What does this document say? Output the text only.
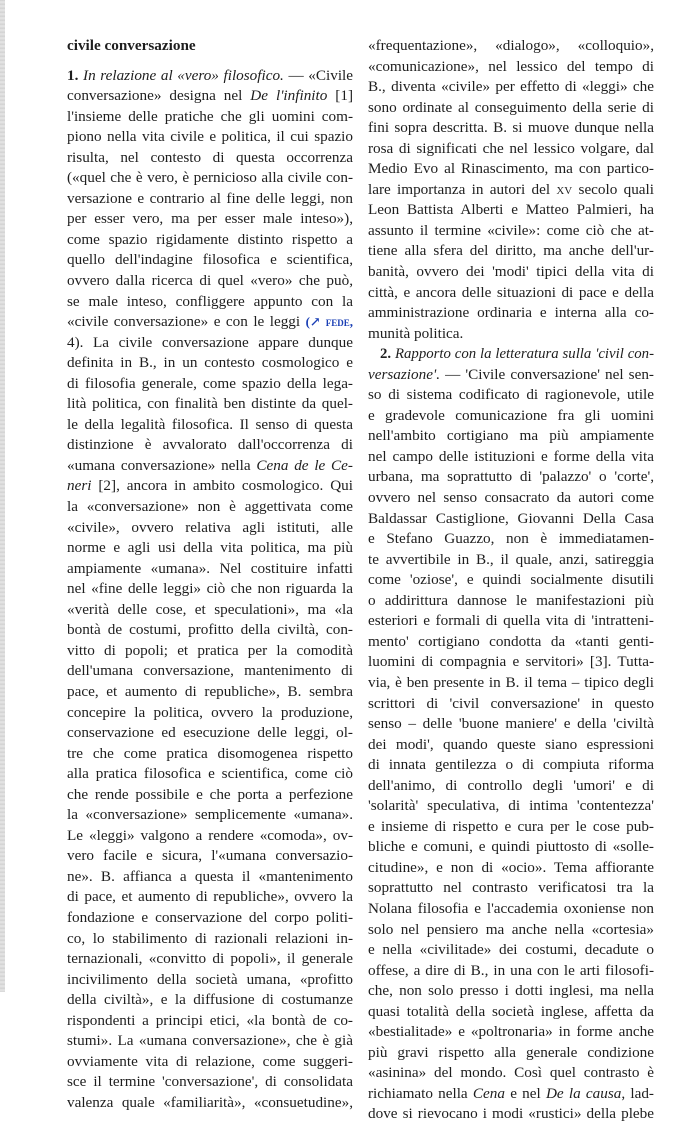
civile conversazione
1. In relazione al «vero» filosofico. — «Civile
conversazione» designa nel De l'infinito [1]
l'insieme delle pratiche che gli uomini com-
piono nella vita civile e politica, il cui spazio
risulta, nel contesto di questa occorrenza
(«quel che è vero, è pernicioso alla civile con-
versazione e contrario al fine delle leggi, non
per esser vero, ma per esser male inteso»),
come spazio rigidamente distinto rispetto a
quello dell'indagine filosofica e scientifica,
ovvero dalla ricerca di quel «vero» che può,
se male inteso, confliggere appunto con la
«civile conversazione» e con le leggi (↗ fede,
4). La civile conversazione appare dunque
definita in B., in un contesto cosmologico e
di filosofia generale, come spazio della lega-
lità politica, con finalità ben distinte da quel-
le della legalità filosofica. Il senso di questa
distinzione è avvalorato dall'occorrenza di
«umana conversazione» nella Cena de le Ce-
neri [2], ancora in ambito cosmologico. Qui
la «conversazione» non è aggettivata come
«civile», ovvero relativa agli istituti, alle
norme e agli usi della vita politica, ma più
ampiamente «umana». Nel costituire infatti
nel «fine delle leggi» ciò che non riguarda la
«verità delle cose, et speculationi», ma «la
bontà de costumi, profitto della civiltà, con-
vitto di popoli; et pratica per la comodità
dell'umana conversazione, mantenimento di
pace, et aumento di republiche», B. sembra
concepire la politica, ovvero la produzione,
conservazione ed esecuzione delle leggi, ol-
tre che come pratica disomogenea rispetto
alla pratica filosofica e scientifica, come ciò
che rende possibile e che porta a perfezione
la «conversazione» semplicemente «umana».
Le «leggi» valgono a rendere «comoda», ov-
vero facile e sicura, l'«umana conversazio-
ne». B. affianca a questa il «mantenimento
di pace, et aumento di republiche», ovvero la
fondazione e conservazione del corpo politi-
co, lo stabilimento di razionali relazioni in-
ternazionali, «convitto di popoli», il generale
incivilimento della società umana, «profitto
della civiltà», e la diffusione di costumanze
rispondenti a principi etici, «la bontà de co-
stumi». La «umana conversazione», che è già
ovviamente vita di relazione, come suggeri-
sce il termine 'conversazione', di consolidata
valenza quale «familiarità», «consuetudine»,
«frequentazione», «dialogo», «colloquio»,
«comunicazione», nel lessico del tempo di
B., diventa «civile» per effetto di «leggi» che
sono ordinate al conseguimento della serie di
fini sopra descritta. B. si muove dunque nella
rosa di significati che nel lessico volgare, dal
Medio Evo al Rinascimento, ma con partico-
lare importanza in autori del xv secolo quali
Leon Battista Alberti e Matteo Palmieri, ha
assunto il termine «civile»: come ciò che at-
tiene alla sfera del diritto, ma anche dell'ur-
banità, ovvero dei 'modi' tipici della vita di
città, e ancora delle situazioni di pace e della
amministrazione ordinaria e interna alla co-
munità politica.
2. Rapporto con la letteratura sulla 'civil con-
versazione'. — 'Civile conversazione' nel sen-
so di sistema codificato di ragionevole, utile
e gradevole comunicazione fra gli uomini
nell'ambito cortigiano ma più ampiamente
nel campo delle istituzioni e forme della vita
urbana, ma soprattutto di 'palazzo' o 'corte',
ovvero nel senso consacrato da autori come
Baldassar Castiglione, Giovanni Della Casa
e Stefano Guazzo, non è immediatamen-
te avvertibile in B., il quale, anzi, satireggia
come 'oziose', e quindi socialmente disutili
o addirittura dannose le manifestazioni più
esteriori e formali di quella vita di 'intratteni-
mento' cortigiano condotta da «tanti genti-
luomini di compagnia e servitori» [3]. Tutta-
via, è ben presente in B. il tema – tipico degli
scrittori di 'civil conversazione' in questo
senso – delle 'buone maniere' e della 'civiltà
dei modi', quando queste siano espressioni
di innata gentilezza o di compiuta riforma
dell'animo, di controllo degli 'umori' e di
'solarità' speculativa, di intima 'contentezza'
e insieme di rispetto e cura per le cose pub-
bliche e comuni, e quindi piuttosto di «solle-
citudine», e non di «ocio». Tema affiorante
soprattutto nel contrasto verificatosi tra la
Nolana filosofia e l'accademia oxoniense non
solo nel pensiero ma anche nella «cortesia»
e nella «civilitade» dei costumi, decadute o
offese, a dire di B., in una con le arti filosofi-
che, non solo presso i dotti inglesi, ma nella
quasi totalità della società inglese, affetta da
«bestialitade» e «poltronaria» in forme anche
più gravi rispetto alla generale condizione
«asinina» del mondo. Così quel contrasto è
richiamato nella Cena e nel De la causa, lad-
dove si rievocano i modi «rustici» della plebe
